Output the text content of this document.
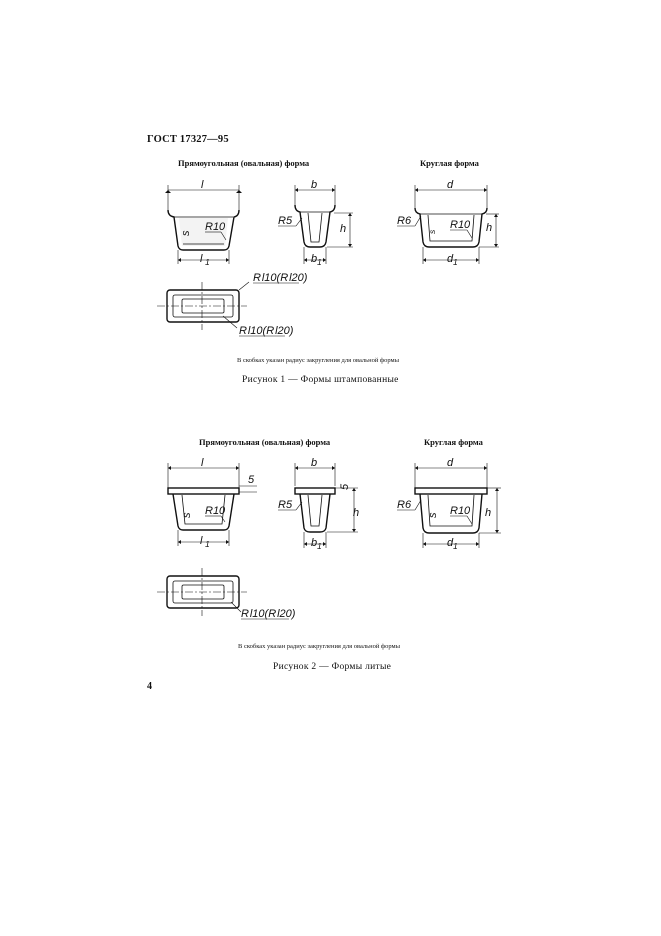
ГОСТ 17327—95
Прямоугольная (овальная) форма	Круглая форма
l
l 1
R10
s
R l10(R l20)
R l10(R l20)
b
h
R5
b 1
d
h
R6	R10
s
d 1
В скобках указан радиус закругления для овальной формы
Рисунок 1 — Формы штампованные
Прямоугольная (овальная) форма	Круглая форма
l
5
l 1
R10
s
R l10(R l20)
b
5
h
R5
b 1
d
h
R6	R10
s
d 1
В скобках указан радиус закругления для овальной формы
Рисунок 2 — Формы литые
4
